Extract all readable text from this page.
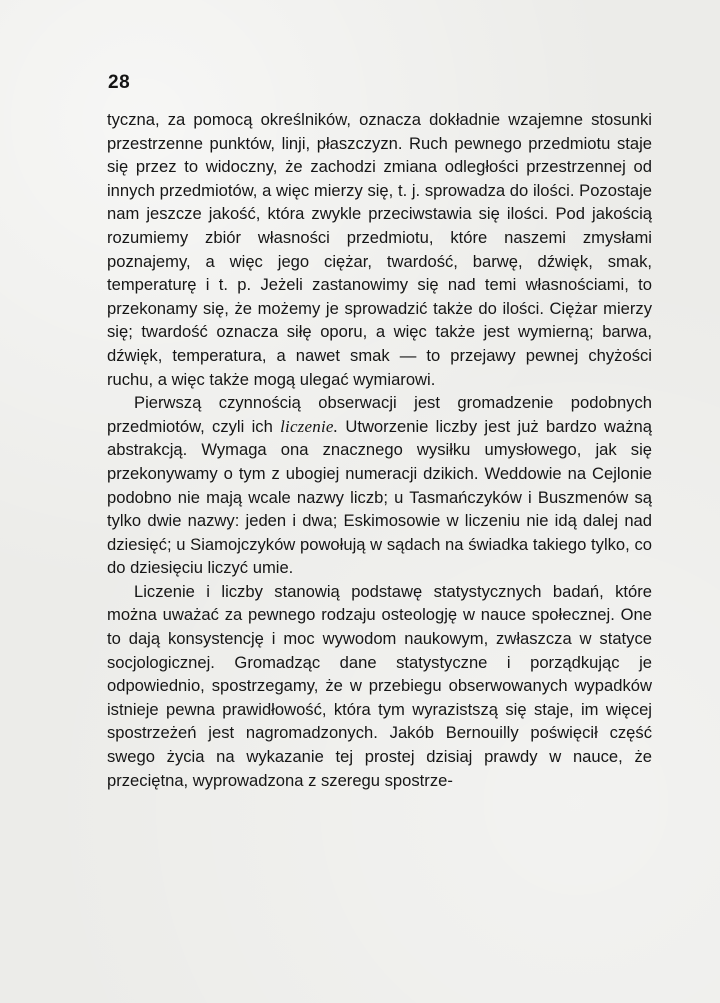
28

tyczna, za pomocą określników, oznacza dokładnie wzajemne stosunki przestrzenne punktów, linji, płaszczyzn. Ruch pewnego przedmiotu staje się przez to widoczny, że zachodzi zmiana odległości przestrzennej od innych przedmiotów, a więc mierzy się, t. j. sprowadza do ilości. Pozostaje nam jeszcze jakość, która zwykle przeciwstawia się ilości. Pod jakością rozumiemy zbiór własności przedmiotu, które naszemi zmysłami poznajemy, a więc jego ciężar, twardość, barwę, dźwięk, smak, temperaturę i t. p. Jeżeli zastanowimy się nad temi własnościami, to przekonamy się, że możemy je sprowadzić także do ilości. Ciężar mierzy się; twardość oznacza siłę oporu, a więc także jest wymierną; barwa, dźwięk, temperatura, a nawet smak — to przejawy pewnej chyżości ruchu, a więc także mogą ulegać wymiarowi.

Pierwszą czynnością obserwacji jest gromadzenie podobnych przedmiotów, czyli ich liczenie. Utworzenie liczby jest już bardzo ważną abstrakcją. Wymaga ona znacznego wysiłku umysłowego, jak się przekonywamy o tym z ubogiej numeracji dzikich. Weddowie na Cejlonie podobno nie mają wcale nazwy liczb; u Tasmańczyków i Buszmenów są tylko dwie nazwy: jeden i dwa; Eskimosowie w liczeniu nie idą dalej nad dziesięć; u Siamojczyków powołują w sądach na świadka takiego tylko, co do dziesięciu liczyć umie.

Liczenie i liczby stanowią podstawę statystycznych badań, które można uważać za pewnego rodzaju osteologję w nauce społecznej. One to dają konsystencję i moc wywodom naukowym, zwłaszcza w statyce socjologicznej. Gromadząc dane statystyczne i porządkując je odpowiednio, spostrzegamy, że w przebiegu obserwowanych wypadków istnieje pewna prawidłowość, która tym wyrazistszą się staje, im więcej spostrzeżeń jest nagromadzonych. Jakób Bernouilly poświęcił część swego życia na wykazanie tej prostej dzisiaj prawdy w nauce, że przeciętna, wyprowadzona z szeregu spostrze-
